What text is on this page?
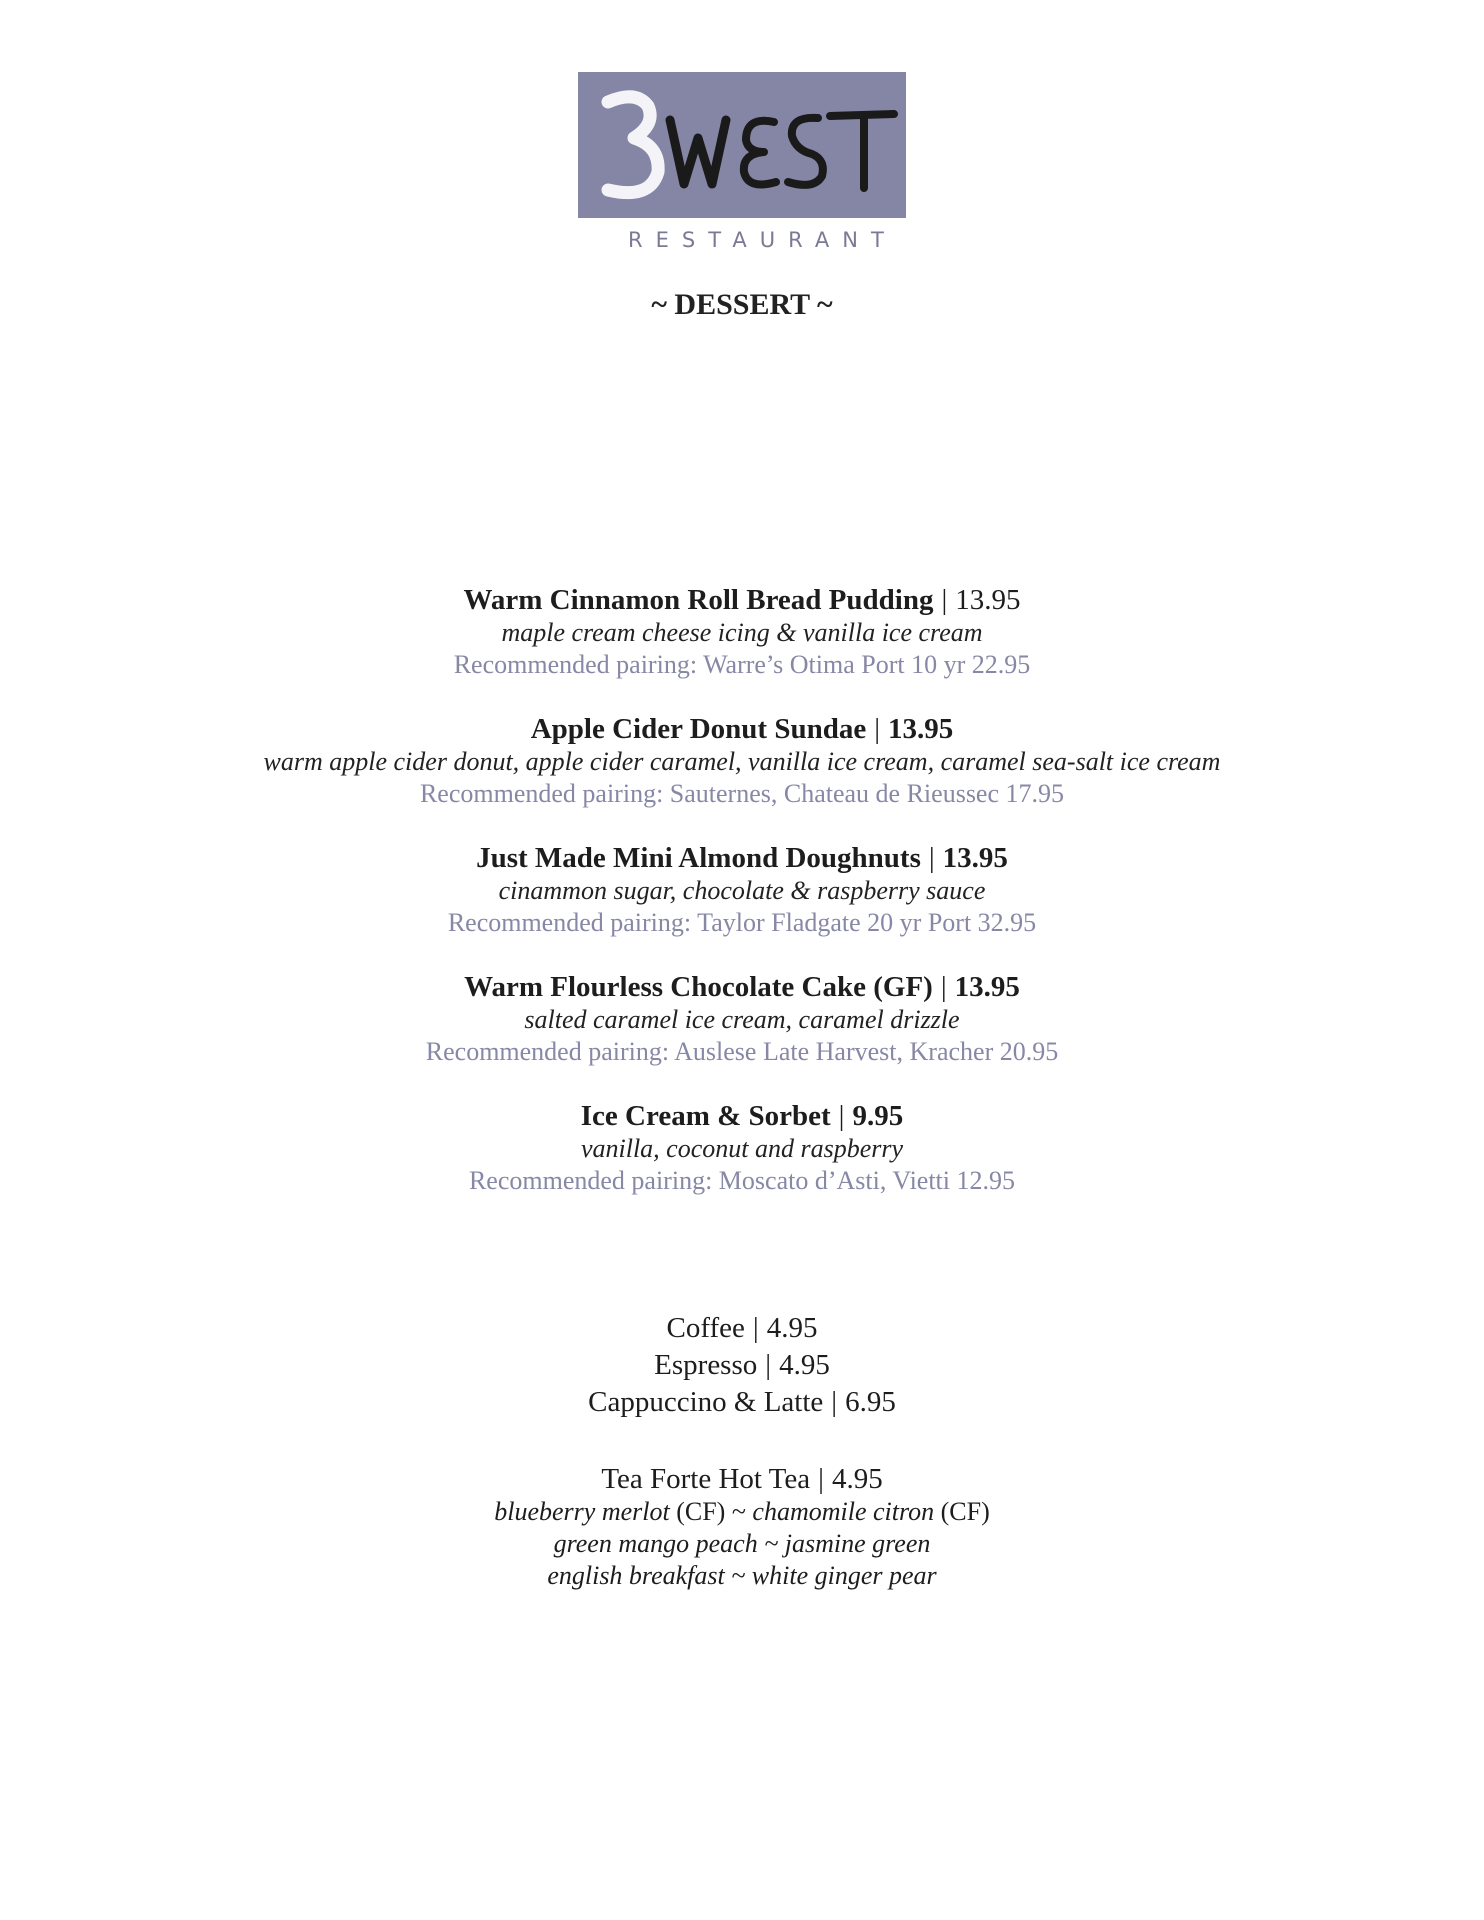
RESTAURANT
~ DESSERT ~
Warm Cinnamon Roll Bread Pudding | 13.95
maple cream cheese icing & vanilla ice cream
Recommended pairing: Warre’s Otima Port 10 yr 22.95
Apple Cider Donut Sundae | 13.95
warm apple cider donut, apple cider caramel, vanilla ice cream, caramel sea-salt ice cream
Recommended pairing: Sauternes, Chateau de Rieussec 17.95
Just Made Mini Almond Doughnuts | 13.95
cinammon sugar, chocolate & raspberry sauce
Recommended pairing: Taylor Fladgate 20 yr Port 32.95
Warm Flourless Chocolate Cake (GF) | 13.95
salted caramel ice cream, caramel drizzle
Recommended pairing: Auslese Late Harvest, Kracher 20.95
Ice Cream & Sorbet | 9.95
vanilla, coconut and raspberry
Recommended pairing: Moscato d’Asti, Vietti 12.95
Coffee | 4.95
Espresso | 4.95
Cappuccino & Latte | 6.95
Tea Forte Hot Tea | 4.95
blueberry merlot (CF) ~ chamomile citron (CF)
green mango peach ~ jasmine green
english breakfast ~ white ginger pear
